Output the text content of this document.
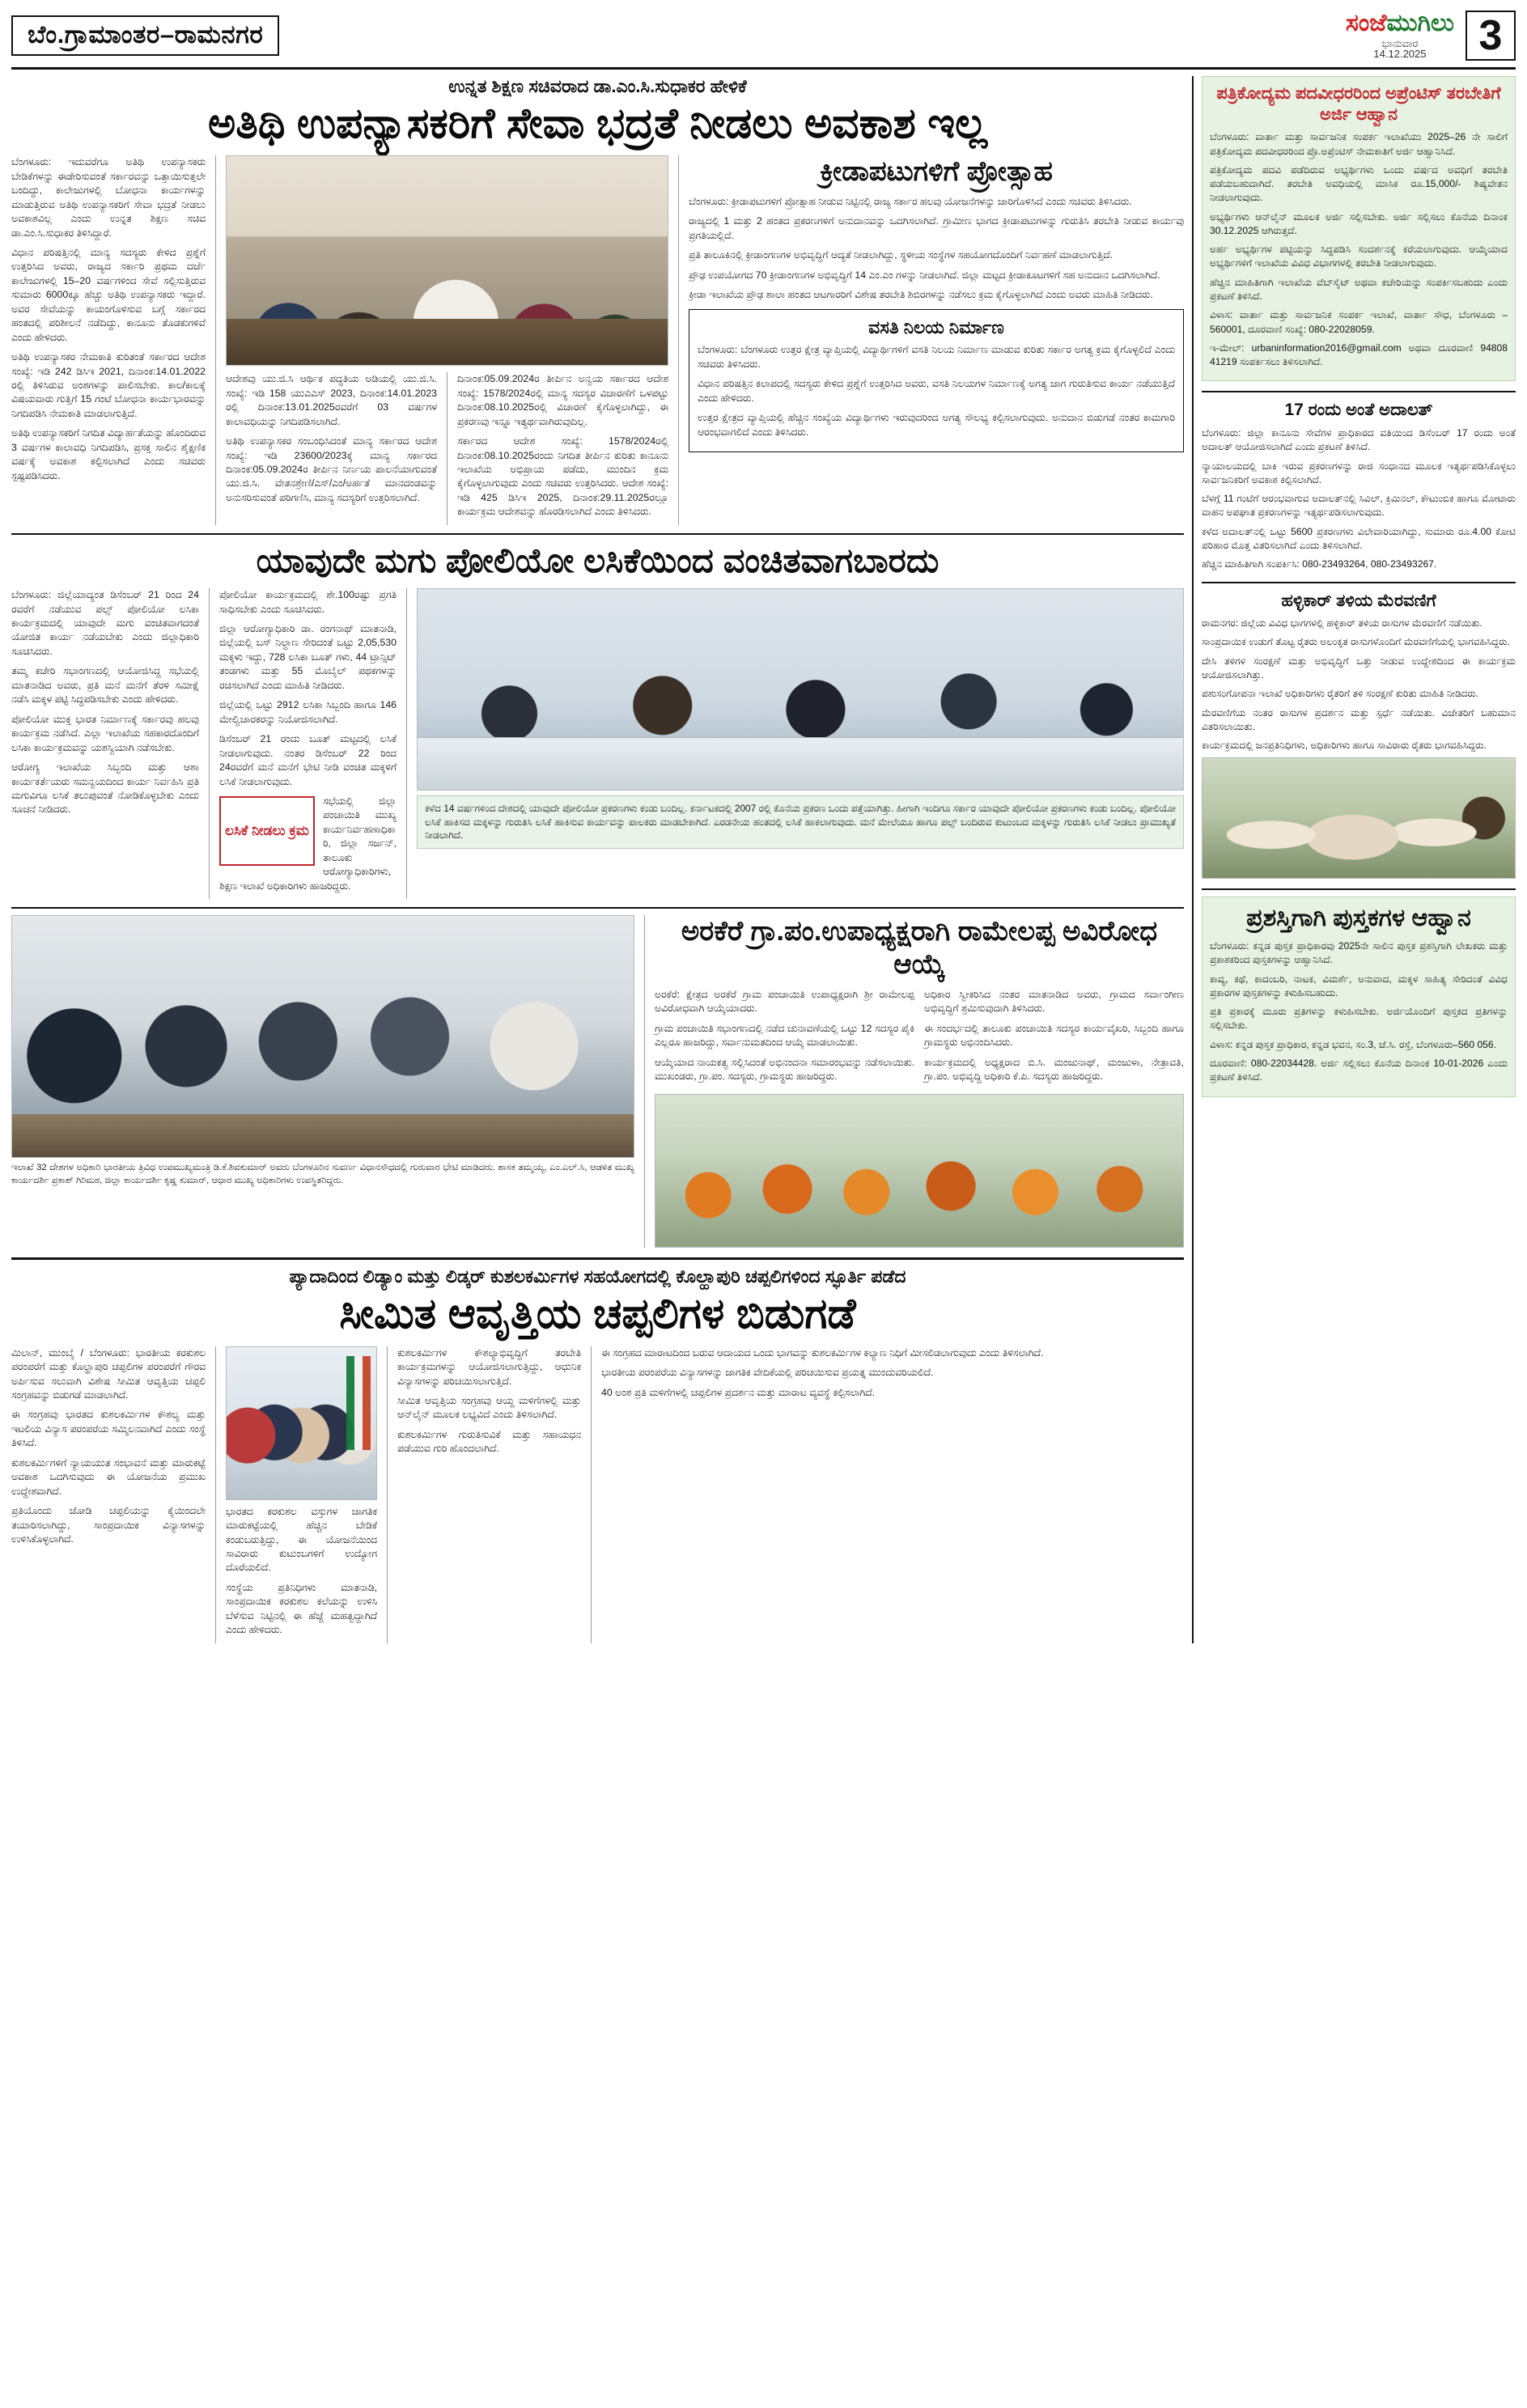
ಬೆಂ.ಗ್ರಾಮಾಂತರ–ರಾಮನಗರ	ಸಂಜೆಮುಗಿಲು
ಭಾನುವಾರ
14.12.2025	3
ಉನ್ನತ ಶಿಕ್ಷಣ ಸಚಿವರಾದ ಡಾ.ಎಂ.ಸಿ.ಸುಧಾಕರ ಹೇಳಿಕೆ
ಅತಿಥಿ ಉಪನ್ಯಾಸಕರಿಗೆ ಸೇವಾ ಭದ್ರತೆ ನೀಡಲು ಅವಕಾಶ ಇಲ್ಲ

ಬೆಂಗಳೂರು: ಇದುವರೆಗೂ ಅತಿಥಿ ಉಪನ್ಯಾಸಕರು ಬೇಡಿಕೆಗಳನ್ನು ಈಡೇರಿಸುವಂತೆ ಸರ್ಕಾರವನ್ನು ಒತ್ತಾಯಿಸುತ್ತಲೇ ಬಂದಿದ್ದು, ಕಾಲೇಜುಗಳಲ್ಲಿ ಬೋಧನಾ ಕಾರ್ಯಗಳನ್ನು ಮಾಡುತ್ತಿರುವ ಅತಿಥಿ ಉಪನ್ಯಾಸಕರಿಗೆ ಸೇವಾ ಭದ್ರತೆ ನೀಡಲು ಅವಕಾಶವಿಲ್ಲ ಎಂದು ಉನ್ನತ ಶಿಕ್ಷಣ ಸಚಿವ ಡಾ.ಎಂ.ಸಿ.ಸುಧಾಕರ ತಿಳಿಸಿದ್ದಾರೆ.

ವಿಧಾನ ಪರಿಷತ್ತಿನಲ್ಲಿ ಮಾನ್ಯ ಸದಸ್ಯರು ಕೇಳಿದ ಪ್ರಶ್ನೆಗೆ ಉತ್ತರಿಸಿದ ಅವರು, ರಾಜ್ಯದ ಸರ್ಕಾರಿ ಪ್ರಥಮ ದರ್ಜೆ ಕಾಲೇಜುಗಳಲ್ಲಿ 15–20 ವರ್ಷಗಳಿಂದ ಸೇವೆ ಸಲ್ಲಿಸುತ್ತಿರುವ ಸುಮಾರು 6000ಕ್ಕೂ ಹೆಚ್ಚು ಅತಿಥಿ ಉಪನ್ಯಾಸಕರು ಇದ್ದಾರೆ. ಅವರ ಸೇವೆಯನ್ನು ಕಾಯಂಗೊಳಿಸುವ ಬಗ್ಗೆ ಸರ್ಕಾರದ ಹಂತದಲ್ಲಿ ಪರಿಶೀಲನೆ ನಡೆದಿದ್ದು, ಕಾನೂನು ತೊಡಕುಗಳಿವೆ ಎಂದು ಹೇಳಿದರು.

ಅತಿಥಿ ಉಪನ್ಯಾಸಕರ ನೇಮಕಾತಿ ಕುರಿತಂತೆ ಸರ್ಕಾರದ ಆದೇಶ ಸಂಖ್ಯೆ: ಇಡಿ 242 ಡಿಸಿಇ 2021, ದಿನಾಂಕ:14.01.2022 ರಲ್ಲಿ ತಿಳಿಸಿರುವ ಅಂಶಗಳನ್ನು ಪಾಲಿಸಬೇಕು. ಕಾಲ/ಕಾಲಕ್ಕೆ ವಿಷಯವಾರು ಗುತ್ತಿಗೆ 15 ಗಂಟೆ ಬೋಧನಾ ಕಾರ್ಯಭಾರವನ್ನು ನಿಗದಿಪಡಿಸಿ ನೇಮಕಾತಿ ಮಾಡಲಾಗುತ್ತಿದೆ.

ಅತಿಥಿ ಉಪನ್ಯಾಸಕರಿಗೆ ನಿಗದಿತ ವಿದ್ಯಾರ್ಹತೆಯನ್ನು ಹೊಂದಿರುವ 3 ವರ್ಷಗಳ ಕಾಲಾವಧಿ ನಿಗದಿಪಡಿಸಿ, ಪ್ರಸಕ್ತ ಸಾಲಿನ ಶೈಕ್ಷಣಿಕ ವರ್ಷಕ್ಕೆ ಅವಕಾಶ ಕಲ್ಪಿಸಲಾಗಿದೆ ಎಂದು ಸಚಿವರು ಸ್ಪಷ್ಟಪಡಿಸಿದರು.

ಆದೇಶವು ಯು.ಜಿ.ಸಿ ಆರ್ಥಿಕ ಪದ್ಧತಿಯ ಅಡಿಯಲ್ಲಿ ಯು.ಜಿ.ಸಿ. ಸಂಖ್ಯೆ: ಇಡಿ 158 ಯುಎಎಸ್ 2023, ದಿನಾಂಕ:14.01.2023 ರಲ್ಲಿ ದಿನಾಂಕ:13.01.2025ರವರೆಗೆ 03 ವರ್ಷಗಳ ಕಾಲಾವಧಿಯನ್ನು ನಿಗದಿಪಡಿಸಲಾಗಿದೆ.

ಅತಿಥಿ ಉಪನ್ಯಾಸಕರ ಸಂಬಂಧಿಸಿದಂತೆ ಮಾನ್ಯ ಸರ್ಕಾರದ ಆದೇಶ ಸಂಖ್ಯೆ: ಇಡಿ 23600/2023ಕ್ಕೆ ಮಾನ್ಯ ಸರ್ಕಾರದ ದಿನಾಂಕ:05.09.2024ರ ತೀರ್ಪಿನ ನಿರ್ಣಯ ಪಾಲನೆಯಾಗುವಂತೆ ಯು.ಜಿ.ಸಿ. ವೇತನಶ್ರೇಣಿ/ಎಸ್/ಎಂ/ಅರ್ಹತೆ ಮಾನದಂಡವನ್ನು ಅನುಸರಿಸುವಂತೆ ಪರಿಗಣಿಸಿ, ಮಾನ್ಯ ಸದಸ್ಯರಿಗೆ ಉತ್ತರಿಸಲಾಗಿದೆ.

ದಿನಾಂಕ:05.09.2024ರ ತೀರ್ಪಿನ ಅನ್ವಯ ಸರ್ಕಾರದ ಆದೇಶ ಸಂಖ್ಯೆ: 1578/2024ರಲ್ಲಿ ಮಾನ್ಯ ಸದಸ್ಯರ ವಿಚಾರಣೆಗೆ ಒಳಪಟ್ಟು ದಿನಾಂಕ:08.10.2025ರಲ್ಲಿ ವಿಚಾರಣೆ ಕೈಗೊಳ್ಳಲಾಗಿದ್ದು, ಈ ಪ್ರಕರಣವು ಇನ್ನೂ ಇತ್ಯರ್ಥವಾಗಿರುವುದಿಲ್ಲ.

ಸರ್ಕಾರದ ಆದೇಶ ಸಂಖ್ಯೆ: 1578/2024ರಲ್ಲಿ ದಿನಾಂಕ:08.10.2025ರಂದು ನಿಗದಿತ ತೀರ್ಪಿನ ಕುರಿತು ಕಾನೂನು ಇಲಾಖೆಯ ಅಭಿಪ್ರಾಯ ಪಡೆದು, ಮುಂದಿನ ಕ್ರಮ ಕೈಗೊಳ್ಳಲಾಗುವುದು ಎಂದು ಸಚಿವರು ಉತ್ತರಿಸಿದರು. ಆದೇಶ ಸಂಖ್ಯೆ: ಇಡಿ 425 ಡಿಸಿಇ 2025, ದಿನಾಂಕ:29.11.2025ರಲ್ಲೂ ಕಾರ್ಯಕ್ರಮ ಆದೇಶವನ್ನು ಹೊರಡಿಸಲಾಗಿದೆ ಎಂದು ತಿಳಿಸಿದರು.

ಕ್ರೀಡಾಪಟುಗಳಿಗೆ ಪ್ರೋತ್ಸಾಹ

ಬೆಂಗಳೂರು: ಕ್ರೀಡಾಪಟುಗಳಿಗೆ ಪ್ರೋತ್ಸಾಹ ನೀಡುವ ನಿಟ್ಟಿನಲ್ಲಿ ರಾಜ್ಯ ಸರ್ಕಾರ ಹಲವು ಯೋಜನೆಗಳನ್ನು ಜಾರಿಗೊಳಿಸಿದೆ ಎಂದು ಸಚಿವರು ತಿಳಿಸಿದರು.

ರಾಜ್ಯದಲ್ಲಿ 1 ಮತ್ತು 2 ಹಂತದ ಪ್ರಕರಣಗಳಿಗೆ ಅನುದಾನವನ್ನು ಒದಗಿಸಲಾಗಿದೆ. ಗ್ರಾಮೀಣ ಭಾಗದ ಕ್ರೀಡಾಪಟುಗಳನ್ನು ಗುರುತಿಸಿ ತರಬೇತಿ ನೀಡುವ ಕಾರ್ಯವು ಪ್ರಗತಿಯಲ್ಲಿದೆ.

ಪ್ರತಿ ತಾಲೂಕಿನಲ್ಲಿ ಕ್ರೀಡಾಂಗಣಗಳ ಅಭಿವೃದ್ಧಿಗೆ ಆದ್ಯತೆ ನೀಡಲಾಗಿದ್ದು, ಸ್ಥಳೀಯ ಸಂಸ್ಥೆಗಳ ಸಹಯೋಗದೊಂದಿಗೆ ನಿರ್ವಹಣೆ ಮಾಡಲಾಗುತ್ತಿದೆ.

ಪ್ರೌಢ ಉಪಯೋಗದ 70 ಕ್ರೀಡಾಂಗಣಗಳ ಅಭಿವೃದ್ಧಿಗೆ 14 ಎಂ.ಎಂ ಗಳನ್ನು ನೀಡಲಾಗಿದೆ. ಜಿಲ್ಲಾ ಮಟ್ಟದ ಕ್ರೀಡಾಕೂಟಗಳಿಗೆ ಸಹ ಅನುದಾನ ಒದಗಿಸಲಾಗಿದೆ.

ಕ್ರೀಡಾ ಇಲಾಖೆಯ ಪ್ರೌಢ ಶಾಲಾ ಹಂತದ ಆಟಗಾರರಿಗೆ ವಿಶೇಷ ತರಬೇತಿ ಶಿಬಿರಗಳನ್ನು ನಡೆಸಲು ಕ್ರಮ ಕೈಗೊಳ್ಳಲಾಗಿದೆ ಎಂದು ಅವರು ಮಾಹಿತಿ ನೀಡಿದರು.

ವಸತಿ ನಿಲಯ ನಿರ್ಮಾಣ

ಬೆಂಗಳೂರು: ಬೆಂಗಳೂರು ಉತ್ತರ ಕ್ಷೇತ್ರ ವ್ಯಾಪ್ತಿಯಲ್ಲಿ ವಿದ್ಯಾರ್ಥಿಗಳಿಗೆ ವಸತಿ ನಿಲಯ ನಿರ್ಮಾಣ ಮಾಡುವ ಕುರಿತು ಸರ್ಕಾರ ಅಗತ್ಯ ಕ್ರಮ ಕೈಗೊಳ್ಳಲಿದೆ ಎಂದು ಸಚಿವರು ತಿಳಿಸಿದರು.

ವಿಧಾನ ಪರಿಷತ್ತಿನ ಕಲಾಪದಲ್ಲಿ ಸದಸ್ಯರು ಕೇಳಿದ ಪ್ರಶ್ನೆಗೆ ಉತ್ತರಿಸಿದ ಅವರು, ವಸತಿ ನಿಲಯಗಳ ನಿರ್ಮಾಣಕ್ಕೆ ಅಗತ್ಯ ಜಾಗ ಗುರುತಿಸುವ ಕಾರ್ಯ ನಡೆಯುತ್ತಿದೆ ಎಂದು ಹೇಳಿದರು.

ಉತ್ತರ ಕ್ಷೇತ್ರದ ವ್ಯಾಪ್ತಿಯಲ್ಲಿ ಹೆಚ್ಚಿನ ಸಂಖ್ಯೆಯ ವಿದ್ಯಾರ್ಥಿಗಳು ಇರುವುದರಿಂದ ಅಗತ್ಯ ಸೌಲಭ್ಯ ಕಲ್ಪಿಸಲಾಗುವುದು. ಅನುದಾನ ಬಿಡುಗಡೆ ನಂತರ ಕಾಮಗಾರಿ ಆರಂಭವಾಗಲಿದೆ ಎಂದು ತಿಳಿಸಿದರು.

ಯಾವುದೇ ಮಗು ಪೋಲಿಯೋ ಲಸಿಕೆಯಿಂದ ವಂಚಿತವಾಗಬಾರದು

ಬೆಂಗಳೂರು: ಜಿಲ್ಲೆಯಾದ್ಯಂತ ಡಿಸೆಂಬರ್ 21 ರಿಂದ 24 ರವರೆಗೆ ನಡೆಯುವ ಪಲ್ಸ್ ಪೋಲಿಯೋ ಲಸಿಕಾ ಕಾರ್ಯಕ್ರಮದಲ್ಲಿ ಯಾವುದೇ ಮಗು ವಂಚಿತವಾಗದಂತೆ ಯೋಜಿತ ಕಾರ್ಯ ನಡೆಯಬೇಕು ಎಂದು ಜಿಲ್ಲಾಧಿಕಾರಿ ಸೂಚಿಸಿದರು.

ತಮ್ಮ ಕಚೇರಿ ಸಭಾಂಗಣದಲ್ಲಿ ಆಯೋಜಿಸಿದ್ದ ಸಭೆಯಲ್ಲಿ ಮಾತನಾಡಿದ ಅವರು, ಪ್ರತಿ ಮನೆ ಮನೆಗೆ ತೆರಳಿ ಸಮೀಕ್ಷೆ ನಡೆಸಿ ಮಕ್ಕಳ ಪಟ್ಟಿ ಸಿದ್ಧಪಡಿಸಬೇಕು ಎಂದು ಹೇಳಿದರು.

ಪೋಲಿಯೋ ಮುಕ್ತ ಭಾರತ ನಿರ್ಮಾಣಕ್ಕೆ ಸರ್ಕಾರವು ಹಲವು ಕಾರ್ಯಕ್ರಮ ನಡೆಸಿದೆ. ಎಲ್ಲಾ ಇಲಾಖೆಯ ಸಹಕಾರದೊಂದಿಗೆ ಲಸಿಕಾ ಕಾರ್ಯಕ್ರಮವನ್ನು ಯಶಸ್ವಿಯಾಗಿ ನಡೆಸಬೇಕು.

ಆರೋಗ್ಯ ಇಲಾಖೆಯ ಸಿಬ್ಬಂದಿ ಮತ್ತು ಆಶಾ ಕಾರ್ಯಕರ್ತೆಯರು ಸಮನ್ವಯದಿಂದ ಕಾರ್ಯ ನಿರ್ವಹಿಸಿ ಪ್ರತಿ ಮಗುವಿಗೂ ಲಸಿಕೆ ತಲುಪುವಂತೆ ನೋಡಿಕೊಳ್ಳಬೇಕು ಎಂದು ಸೂಚನೆ ನೀಡಿದರು.

ಪೋಲಿಯೋ ಕಾರ್ಯಕ್ರಮದಲ್ಲಿ ಶೇ.100ರಷ್ಟು ಪ್ರಗತಿ ಸಾಧಿಸಬೇಕು ಎಂದು ಸೂಚಿಸಿದರು.

ಜಿಲ್ಲಾ ಆರೋಗ್ಯಾಧಿಕಾರಿ ಡಾ. ರಂಗನಾಥ್ ಮಾತನಾಡಿ, ಜಿಲ್ಲೆಯಲ್ಲಿ ಬಸ್ ನಿಲ್ದಾಣ ಸೇರಿದಂತೆ ಒಟ್ಟು 2,05,530 ಮಕ್ಕಳು ಇದ್ದು, 728 ಲಸಿಕಾ ಬೂತ್ ಗಳು, 44 ಟ್ರಾನ್ಸಿಟ್ ತಂಡಗಳು ಮತ್ತು 55 ಮೊಬೈಲ್ ಪಥಕಗಳನ್ನು ರಚಿಸಲಾಗಿದೆ ಎಂದು ಮಾಹಿತಿ ನೀಡಿದರು.

ಜಿಲ್ಲೆಯಲ್ಲಿ ಒಟ್ಟು 2912 ಲಸಿಕಾ ಸಿಬ್ಬಂದಿ ಹಾಗೂ 146 ಮೇಲ್ವಿಚಾರಕರನ್ನು ನಿಯೋಜಿಸಲಾಗಿದೆ.

ಡಿಸೆಂಬರ್ 21 ರಂದು ಬೂತ್ ಮಟ್ಟದಲ್ಲಿ ಲಸಿಕೆ ನೀಡಲಾಗುವುದು. ನಂತರ ಡಿಸೆಂಬರ್ 22 ರಿಂದ 24ರವರೆಗೆ ಮನೆ ಮನೆಗೆ ಭೇಟಿ ನೀಡಿ ವಂಚಿತ ಮಕ್ಕಳಿಗೆ ಲಸಿಕೆ ನೀಡಲಾಗುವುದು.

ಲಸಿಕೆ ನೀಡಲು ಕ್ರಮ

ಸಭೆಯಲ್ಲಿ ಜಿಲ್ಲಾ ಪಂಚಾಯಿತಿ ಮುಖ್ಯ ಕಾರ್ಯನಿರ್ವಹಣಾಧಿಕಾರಿ, ಜಿಲ್ಲಾ ಸರ್ಜನ್, ತಾಲೂಕು ಆರೋಗ್ಯಾಧಿಕಾರಿಗಳು, ಶಿಕ್ಷಣ ಇಲಾಖೆ ಅಧಿಕಾರಿಗಳು ಹಾಜರಿದ್ದರು.

ಕಳೆದ 14 ವರ್ಷಗಳಿಂದ ದೇಶದಲ್ಲಿ ಯಾವುದೇ ಪೋಲಿಯೋ ಪ್ರಕರಣಗಳು ಕಂಡು ಬಂದಿಲ್ಲ. ಕರ್ನಾಟಕದಲ್ಲಿ 2007 ರಲ್ಲಿ ಕೊನೆಯ ಪ್ರಕರಣ ಒಂದು ಪತ್ತೆಯಾಗಿತ್ತು. ಹೀಗಾಗಿ ಇಂದಿಗೂ ಸರ್ಕಾರ ಯಾವುದೇ ಪೋಲಿಯೋ ಪ್ರಕರಣಗಳು ಕಂಡು ಬಂದಿಲ್ಲ. ಪೋಲಿಯೋ ಲಸಿಕೆ ಹಾಕಿಸದ ಮಕ್ಕಳನ್ನು ಗುರುತಿಸಿ ಲಸಿಕೆ ಹಾಕಿಸುವ ಕಾರ್ಯವನ್ನು ಪಾಲಕರು ಮಾಡಬೇಕಾಗಿದೆ. ಎರಡನೇಯ ಹಂತದಲ್ಲಿ ಲಸಿಕೆ ಹಾಕಲಾಗುವುದು. ಮನೆ ಮೇಲೆಯೂ ಹಾಗೂ ಪಲ್ಸ್ ಬಂದಿರುವ ಕುಟುಂಬದ ಮಕ್ಕಳನ್ನು ಗುರುತಿಸಿ ಲಸಿಕೆ ನೀಡಲು ಪ್ರಾಮುಖ್ಯತೆ ನೀಡಲಾಗಿದೆ.
ಇಲಾಖೆ 32 ದೇಶಗಳ ಅಧಿಕಾರಿ ಭಾರತೀಯ ತ್ರಿವಿಧ ಉಪಮುಖ್ಯಮಂತ್ರಿ ಡಿ.ಕೆ.ಶಿವಕುಮಾರ್ ಅವರು ಬೆಂಗಳೂರಿನ ಸುವರ್ಣ ವಿಧಾನಸೌಧದಲ್ಲಿ ಗುರುವಾರ ಭೇಟಿ ಮಾಡಿದರು. ಶಾಸಕ ತಮ್ಮಯ್ಯ, ಎಂ.ಎಲ್.ಸಿ, ಆಡಳಿತ ಮುಖ್ಯ ಕಾರ್ಯದರ್ಶಿ ಪ್ರಕಾಶ್ ಗಿರಿಮಠ, ಜಿಲ್ಲಾ ಕಾರ್ಯದರ್ಶಿ ಕೃಷ್ಣ ಕುಮಾರ್, ಆಧಾರ ಮುಖ್ಯ ಅಧಿಕಾರಿಗಳು ಉಪಸ್ಥಿತರಿದ್ದರು.
ಅರಕೆರೆ ಗ್ರಾ.ಪಂ.ಉಪಾಧ್ಯಕ್ಷರಾಗಿ ರಾಮೇಲಪ್ಪ ಅವಿರೋಧ ಆಯ್ಕೆ

ಅರಕೆರೆ: ಕ್ಷೇತ್ರದ ಅರಕೆರೆ ಗ್ರಾಮ ಪಂಚಾಯಿತಿ ಉಪಾಧ್ಯಕ್ಷರಾಗಿ ಶ್ರೀ ರಾಮೇಲಪ್ಪ ಅವಿರೋಧವಾಗಿ ಆಯ್ಕೆಯಾದರು.

ಗ್ರಾಮ ಪಂಚಾಯಿತಿ ಸಭಾಂಗಣದಲ್ಲಿ ನಡೆದ ಚುನಾವಣೆಯಲ್ಲಿ ಒಟ್ಟು 12 ಸದಸ್ಯರ ಪೈಕಿ ಎಲ್ಲರೂ ಹಾಜರಿದ್ದು, ಸರ್ವಾನುಮತದಿಂದ ಆಯ್ಕೆ ಮಾಡಲಾಯಿತು.

ಆಯ್ಕೆಯಾದ ನಾಯಕತ್ವ ಸಲ್ಲಿಸಿದಂತೆ ಅಭಿನಂದನಾ ಸಮಾರಂಭವನ್ನು ನಡೆಸಲಾಯಿತು. ಮುಖಂಡರು, ಗ್ರಾ.ಪಂ. ಸದಸ್ಯರು, ಗ್ರಾಮಸ್ಥರು ಹಾಜರಿದ್ದರು.

ಅಧಿಕಾರ ಸ್ವೀಕರಿಸಿದ ನಂತರ ಮಾತನಾಡಿದ ಅವರು, ಗ್ರಾಮದ ಸರ್ವಾಂಗೀಣ ಅಭಿವೃದ್ಧಿಗೆ ಶ್ರಮಿಸುವುದಾಗಿ ತಿಳಿಸಿದರು.

ಈ ಸಂದರ್ಭದಲ್ಲಿ ತಾಲೂಕು ಪಂಚಾಯಿತಿ ಸದಸ್ಯರ ಕಾರ್ಯವೈಖರಿ, ಸಿಬ್ಬಂದಿ ಹಾಗೂ ಗ್ರಾಮಸ್ಥರು ಅಭಿನಂದಿಸಿದರು.

ಕಾರ್ಯಕ್ರಮದಲ್ಲಿ ಅಧ್ಯಕ್ಷರಾದ ಬಿ.ಸಿ. ಮಂಜುನಾಥ್, ಮಂಜುಳಾ, ನೇತ್ರಾವತಿ, ಗ್ರಾ.ಪಂ. ಅಭಿವೃದ್ಧಿ ಅಧಿಕಾರಿ ಕೆ.ಪಿ. ಸದಸ್ಯರು ಹಾಜರಿದ್ದರು.

ಪ್ಯಾದಾದಿಂದ ಲಿಡ್ಯಾಂ ಮತ್ತು ಲಿಡ್ಕರ್ ಕುಶಲಕರ್ಮಿಗಳ ಸಹಯೋಗದಲ್ಲಿ ಕೊಲ್ಹಾಪುರಿ ಚಪ್ಪಲಿಗಳಿಂದ ಸ್ಫೂರ್ತಿ ಪಡೆದ
ಸೀಮಿತ ಆವೃತ್ತಿಯ ಚಪ್ಪಲಿಗಳ ಬಿಡುಗಡೆ

ಮಿಲಾನ್, ಮುಂಬೈ / ಬೆಂಗಳೂರು: ಭಾರತೀಯ ಕರಕುಶಲ ಪರಂಪರೆಗೆ ಮತ್ತು ಕೊಲ್ಹಾಪುರಿ ಚಪ್ಪಲಿಗಳ ಪರಂಪರೆಗೆ ಗೌರವ ಅರ್ಪಿಸುವ ಸಲುವಾಗಿ ವಿಶೇಷ ಸೀಮಿತ ಆವೃತ್ತಿಯ ಚಪ್ಪಲಿ ಸಂಗ್ರಹವನ್ನು ಬಿಡುಗಡೆ ಮಾಡಲಾಗಿದೆ.

ಈ ಸಂಗ್ರಹವು ಭಾರತದ ಕುಶಲಕರ್ಮಿಗಳ ಕೌಶಲ್ಯ ಮತ್ತು ಇಟಲಿಯ ವಿನ್ಯಾಸ ಪರಂಪರೆಯ ಸಮ್ಮಿಲನವಾಗಿದೆ ಎಂದು ಸಂಸ್ಥೆ ತಿಳಿಸಿದೆ.

ಕುಶಲಕರ್ಮಿಗಳಿಗೆ ನ್ಯಾಯಯುತ ಸಂಭಾವನೆ ಮತ್ತು ಮಾರುಕಟ್ಟೆ ಅವಕಾಶ ಒದಗಿಸುವುದು ಈ ಯೋಜನೆಯ ಪ್ರಮುಖ ಉದ್ದೇಶವಾಗಿದೆ.

ಪ್ರತಿಯೊಂದು ಜೋಡಿ ಚಪ್ಪಲಿಯನ್ನು ಕೈಯಿಂದಲೇ ತಯಾರಿಸಲಾಗಿದ್ದು, ಸಾಂಪ್ರದಾಯಿಕ ವಿನ್ಯಾಸಗಳನ್ನು ಉಳಿಸಿಕೊಳ್ಳಲಾಗಿದೆ.

ಭಾರತದ ಕರಕುಶಲ ವಸ್ತುಗಳ ಜಾಗತಿಕ ಮಾರುಕಟ್ಟೆಯಲ್ಲಿ ಹೆಚ್ಚಿನ ಬೇಡಿಕೆ ಕಂಡುಬರುತ್ತಿದ್ದು, ಈ ಯೋಜನೆಯಿಂದ ಸಾವಿರಾರು ಕುಟುಂಬಗಳಿಗೆ ಉದ್ಯೋಗ ದೊರೆಯಲಿದೆ.

ಸಂಸ್ಥೆಯ ಪ್ರತಿನಿಧಿಗಳು ಮಾತನಾಡಿ, ಸಾಂಪ್ರದಾಯಿಕ ಕರಕುಶಲ ಕಲೆಯನ್ನು ಉಳಿಸಿ ಬೆಳೆಸುವ ನಿಟ್ಟಿನಲ್ಲಿ ಈ ಹೆಜ್ಜೆ ಮಹತ್ವದ್ದಾಗಿದೆ ಎಂದು ಹೇಳಿದರು.

ಕುಶಲಕರ್ಮಿಗಳ ಕೌಶಲ್ಯಾಭಿವೃದ್ಧಿಗೆ ತರಬೇತಿ ಕಾರ್ಯಕ್ರಮಗಳನ್ನು ಆಯೋಜಿಸಲಾಗುತ್ತಿದ್ದು, ಆಧುನಿಕ ವಿನ್ಯಾಸಗಳನ್ನು ಪರಿಚಯಿಸಲಾಗುತ್ತಿದೆ.

ಸೀಮಿತ ಆವೃತ್ತಿಯ ಸಂಗ್ರಹವು ಆಯ್ದ ಮಳಿಗೆಗಳಲ್ಲಿ ಮತ್ತು ಆನ್‌ಲೈನ್ ಮೂಲಕ ಲಭ್ಯವಿದೆ ಎಂದು ತಿಳಿಸಲಾಗಿದೆ.

ಕುಶಲಕರ್ಮಿಗಳ ಗುರುತಿಸುವಿಕೆ ಮತ್ತು ಸಹಾಯಧನ ಪಡೆಯುವ ಗುರಿ ಹೊಂದಲಾಗಿದೆ.

ಈ ಸಂಗ್ರಹದ ಮಾರಾಟದಿಂದ ಬರುವ ಆದಾಯದ ಒಂದು ಭಾಗವನ್ನು ಕುಶಲಕರ್ಮಿಗಳ ಕಲ್ಯಾಣ ನಿಧಿಗೆ ಮೀಸಲಿಡಲಾಗುವುದು ಎಂದು ತಿಳಿಸಲಾಗಿದೆ.

ಭಾರತೀಯ ಪರಂಪರೆಯ ವಿನ್ಯಾಸಗಳನ್ನು ಜಾಗತಿಕ ವೇದಿಕೆಯಲ್ಲಿ ಪರಿಚಯಿಸುವ ಪ್ರಯತ್ನ ಮುಂದುವರಿಯಲಿದೆ.

40 ಅಂಶ ಪ್ರತಿ ಮಳಿಗೆಗಳಲ್ಲಿ ಚಪ್ಪಲಿಗಳ ಪ್ರದರ್ಶನ ಮತ್ತು ಮಾರಾಟ ವ್ಯವಸ್ಥೆ ಕಲ್ಪಿಸಲಾಗಿದೆ.

ಪತ್ರಿಕೋದ್ಯಮ ಪದವೀಧರರಿಂದ ಅಪ್ರೆಂಟಿಸ್ ತರಬೇತಿಗೆ ಅರ್ಜಿ ಆಹ್ವಾನ

ಬೆಂಗಳೂರು: ವಾರ್ತಾ ಮತ್ತು ಸಾರ್ವಜನಿಕ ಸಂಪರ್ಕ ಇಲಾಖೆಯು 2025–26 ನೇ ಸಾಲಿಗೆ ಪತ್ರಿಕೋದ್ಯಮ ಪದವೀಧರರಿಂದ ಪ್ರೊ.ಅಪ್ರೆಂಟಿಸ್ ನೇಮಕಾತಿಗೆ ಅರ್ಜಿ ಆಹ್ವಾನಿಸಿದೆ.

ಪತ್ರಿಕೋದ್ಯಮ ಪದವಿ ಪಡೆದಿರುವ ಅಭ್ಯರ್ಥಿಗಳು ಒಂದು ವರ್ಷದ ಅವಧಿಗೆ ತರಬೇತಿ ಪಡೆಯಬಹುದಾಗಿದೆ. ತರಬೇತಿ ಅವಧಿಯಲ್ಲಿ ಮಾಸಿಕ ರೂ.15,000/- ಶಿಷ್ಯವೇತನ ನೀಡಲಾಗುವುದು.

ಅಭ್ಯರ್ಥಿಗಳು ಆನ್‌ಲೈನ್ ಮೂಲಕ ಅರ್ಜಿ ಸಲ್ಲಿಸಬೇಕು. ಅರ್ಜಿ ಸಲ್ಲಿಸಲು ಕೊನೆಯ ದಿನಾಂಕ 30.12.2025 ಆಗಿರುತ್ತದೆ.

ಅರ್ಹ ಅಭ್ಯರ್ಥಿಗಳ ಪಟ್ಟಿಯನ್ನು ಸಿದ್ಧಪಡಿಸಿ ಸಂದರ್ಶನಕ್ಕೆ ಕರೆಯಲಾಗುವುದು. ಆಯ್ಕೆಯಾದ ಅಭ್ಯರ್ಥಿಗಳಿಗೆ ಇಲಾಖೆಯ ವಿವಿಧ ವಿಭಾಗಗಳಲ್ಲಿ ತರಬೇತಿ ನೀಡಲಾಗುವುದು.

ಹೆಚ್ಚಿನ ಮಾಹಿತಿಗಾಗಿ ಇಲಾಖೆಯ ವೆಬ್‌ಸೈಟ್ ಅಥವಾ ಕಚೇರಿಯನ್ನು ಸಂಪರ್ಕಿಸಬಹುದು ಎಂದು ಪ್ರಕಟಣೆ ತಿಳಿಸಿದೆ.

ವಿಳಾಸ: ವಾರ್ತಾ ಮತ್ತು ಸಾರ್ವಜನಿಕ ಸಂಪರ್ಕ ಇಲಾಖೆ, ವಾರ್ತಾ ಸೌಧ, ಬೆಂಗಳೂರು – 560001, ದೂರವಾಣಿ ಸಂಖ್ಯೆ: 080-22028059.

ಇ-ಮೇಲ್: urbaninformation2016@gmail.com ಅಥವಾ ದೂರವಾಣಿ 94808 41219 ಸಂಪರ್ಕಿಸಲು ತಿಳಿಸಲಾಗಿದೆ.

17 ರಂದು ಅಂತೆ ಅದಾಲತ್

ಬೆಂಗಳೂರು: ಜಿಲ್ಲಾ ಕಾನೂನು ಸೇವೆಗಳ ಪ್ರಾಧಿಕಾರದ ವತಿಯಿಂದ ಡಿಸೆಂಬರ್ 17 ರಂದು ಅಂತೆ ಅದಾಲತ್ ಆಯೋಜಿಸಲಾಗಿದೆ ಎಂದು ಪ್ರಕಟಣೆ ತಿಳಿಸಿದೆ.

ನ್ಯಾಯಾಲಯದಲ್ಲಿ ಬಾಕಿ ಇರುವ ಪ್ರಕರಣಗಳನ್ನು ರಾಜಿ ಸಂಧಾನದ ಮೂಲಕ ಇತ್ಯರ್ಥಪಡಿಸಿಕೊಳ್ಳಲು ಸಾರ್ವಜನಿಕರಿಗೆ ಅವಕಾಶ ಕಲ್ಪಿಸಲಾಗಿದೆ.

ಬೆಳಗ್ಗೆ 11 ಗಂಟೆಗೆ ಆರಂಭವಾಗುವ ಅದಾಲತ್‌ನಲ್ಲಿ ಸಿವಿಲ್, ಕ್ರಿಮಿನಲ್, ಕೌಟುಂಬಿಕ ಹಾಗೂ ಮೋಟಾರು ವಾಹನ ಅಪಘಾತ ಪ್ರಕರಣಗಳನ್ನು ಇತ್ಯರ್ಥಪಡಿಸಲಾಗುವುದು.

ಕಳೆದ ಅದಾಲತ್‌ನಲ್ಲಿ ಒಟ್ಟು 5600 ಪ್ರಕರಣಗಳು ವಿಲೇವಾರಿಯಾಗಿದ್ದು, ಸುಮಾರು ರೂ.4.00 ಕೋಟಿ ಪರಿಹಾರ ಮೊತ್ತ ವಿತರಿಸಲಾಗಿದೆ ಎಂದು ತಿಳಿಸಲಾಗಿದೆ.

ಹೆಚ್ಚಿನ ಮಾಹಿತಿಗಾಗಿ ಸಂಪರ್ಕಿಸಿ: 080-23493264, 080-23493267.

ಹಳ್ಳಿಕಾರ್ ತಳಿಯ ಮೆರವಣಿಗೆ

ರಾಮನಗರ: ಜಿಲ್ಲೆಯ ವಿವಿಧ ಭಾಗಗಳಲ್ಲಿ ಹಳ್ಳಿಕಾರ್ ತಳಿಯ ರಾಸುಗಳ ಮೆರವಣಿಗೆ ನಡೆಯಿತು.

ಸಾಂಪ್ರದಾಯಿಕ ಉಡುಗೆ ತೊಟ್ಟ ರೈತರು ಅಲಂಕೃತ ರಾಸುಗಳೊಂದಿಗೆ ಮೆರವಣಿಗೆಯಲ್ಲಿ ಭಾಗವಹಿಸಿದ್ದರು.

ದೇಸಿ ತಳಿಗಳ ಸಂರಕ್ಷಣೆ ಮತ್ತು ಅಭಿವೃದ್ಧಿಗೆ ಒತ್ತು ನೀಡುವ ಉದ್ದೇಶದಿಂದ ಈ ಕಾರ್ಯಕ್ರಮ ಆಯೋಜಿಸಲಾಗಿತ್ತು.

ಪಶುಸಂಗೋಪನಾ ಇಲಾಖೆ ಅಧಿಕಾರಿಗಳು ರೈತರಿಗೆ ತಳಿ ಸಂರಕ್ಷಣೆ ಕುರಿತು ಮಾಹಿತಿ ನೀಡಿದರು.

ಮೆರವಣಿಗೆಯ ನಂತರ ರಾಸುಗಳ ಪ್ರದರ್ಶನ ಮತ್ತು ಸ್ಪರ್ಧೆ ನಡೆಯಿತು. ವಿಜೇತರಿಗೆ ಬಹುಮಾನ ವಿತರಿಸಲಾಯಿತು.

ಕಾರ್ಯಕ್ರಮದಲ್ಲಿ ಜನಪ್ರತಿನಿಧಿಗಳು, ಅಧಿಕಾರಿಗಳು ಹಾಗೂ ಸಾವಿರಾರು ರೈತರು ಭಾಗವಹಿಸಿದ್ದರು.

ಪ್ರಶಸ್ತಿಗಾಗಿ ಪುಸ್ತಕಗಳ ಆಹ್ವಾನ

ಬೆಂಗಳೂರು: ಕನ್ನಡ ಪುಸ್ತಕ ಪ್ರಾಧಿಕಾರವು 2025ನೇ ಸಾಲಿನ ಪುಸ್ತಕ ಪ್ರಶಸ್ತಿಗಾಗಿ ಲೇಖಕರು ಮತ್ತು ಪ್ರಕಾಶಕರಿಂದ ಪುಸ್ತಕಗಳನ್ನು ಆಹ್ವಾನಿಸಿದೆ.

ಕಾವ್ಯ, ಕಥೆ, ಕಾದಂಬರಿ, ನಾಟಕ, ವಿಮರ್ಶೆ, ಅನುವಾದ, ಮಕ್ಕಳ ಸಾಹಿತ್ಯ ಸೇರಿದಂತೆ ವಿವಿಧ ಪ್ರಕಾರಗಳ ಪುಸ್ತಕಗಳನ್ನು ಕಳುಹಿಸಬಹುದು.

ಪ್ರತಿ ಪ್ರಕಾರಕ್ಕೆ ಮೂರು ಪ್ರತಿಗಳನ್ನು ಕಳುಹಿಸಬೇಕು. ಅರ್ಜಿಯೊಂದಿಗೆ ಪುಸ್ತಕದ ಪ್ರತಿಗಳನ್ನು ಸಲ್ಲಿಸಬೇಕು.

ವಿಳಾಸ: ಕನ್ನಡ ಪುಸ್ತಕ ಪ್ರಾಧಿಕಾರ, ಕನ್ನಡ ಭವನ, ಸಂ.3, ಜೆ.ಸಿ. ರಸ್ತೆ, ಬೆಂಗಳೂರು–560 056.

ದೂರವಾಣಿ: 080-22034428. ಅರ್ಜಿ ಸಲ್ಲಿಸಲು ಕೊನೆಯ ದಿನಾಂಕ 10-01-2026 ಎಂದು ಪ್ರಕಟಣೆ ತಿಳಿಸಿದೆ.
